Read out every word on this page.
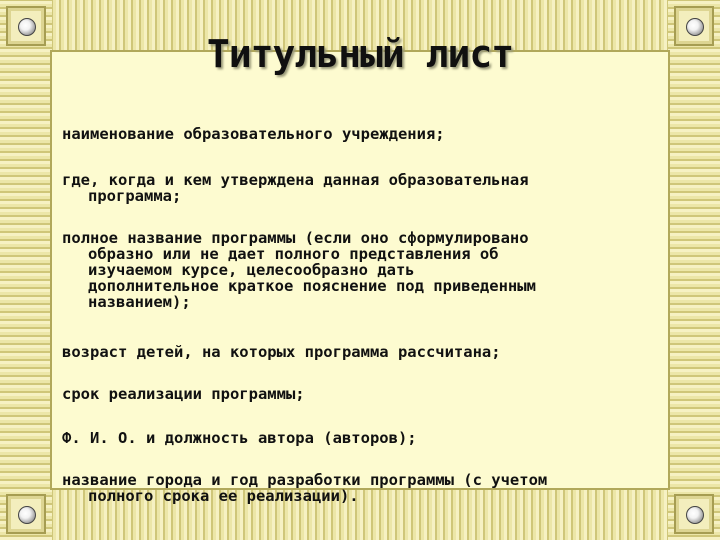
Титульный лист
наименование образовательного учреждения;
где, когда и кем утверждена данная образовательная
программа;
полное название программы (если оно сформулировано
образно или не дает полного представления об
изучаемом курсе, целесообразно дать
дополнительное краткое пояснение под приведенным
названием);
возраст детей, на которых программа рассчитана;
срок реализации программы;
Ф. И. О. и должность автора (авторов);
название города и год разработки программы (с учетом
полного срока ее реализации).
